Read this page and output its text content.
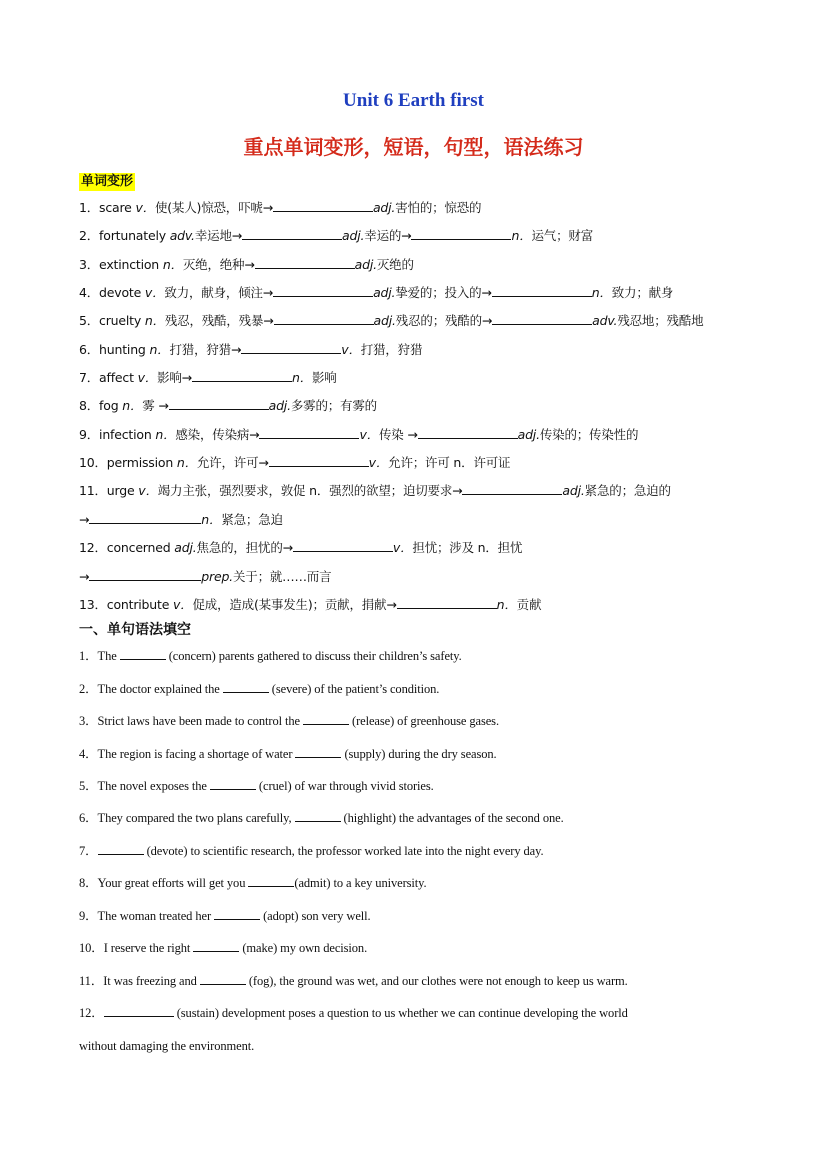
Unit 6 Earth first
重点单词变形，短语，句型，语法练习
单词变形
1．scare v．使(某人)惊恐，吓唬→	adj.害怕的；惊恐的
2．fortunately adv.幸运地→	adj.幸运的→	n．运气；财富
3．extinction n．灭绝，绝种→	adj.灭绝的
4．devote v．致力，献身，倾注→	adj.挚爱的；投入的→	n．致力；献身
5．cruelty n．残忍，残酷，残暴→	adj.残忍的；残酷的→	adv.残忍地；残酷地
6．hunting n．打猎，狩猎→	v．打猎，狩猎
7．affect v．影响→	n．影响
8．fog n．雾 →	adj.多雾的；有雾的
9．infection n．感染，传染病→	v．传染 →	adj.传染的；传染性的
10．permission n．允许，许可→	v．允许；许可 n．许可证
11．urge v．竭力主张，强烈要求，敦促 n．强烈的欲望；迫切要求→	adj.紧急的；急迫的
→	n．紧急；急迫
12．concerned adj.焦急的，担忧的→	v．担忧；涉及 n．担忧
→	prep.关于；就……而言
13．contribute v．促成，造成(某事发生)；贡献，捐献→	n．贡献
一、单句语法填空
1．The	(concern) parents gathered to discuss their children’s safety.
2．The doctor explained the	(severe) of the patient’s condition.
3．Strict laws have been made to control the	(release) of greenhouse gases.
4．The region is facing a shortage of water	(supply) during the dry season.
5．The novel exposes the	(cruel) of war through vivid stories.
6．They compared the two plans carefully,	(highlight) the advantages of the second one.
7．	(devote) to scientific research, the professor worked late into the night every day.
8．Your great efforts will get you	(admit) to a key university.
9．The woman treated her	(adopt) son very well.
10．I reserve the right	(make) my own decision.
11．It was freezing and	(fog), the ground was wet, and our clothes were not enough to keep us warm.
12．	(sustain) development poses a question to us whether we can continue developing the world
without damaging the environment.
